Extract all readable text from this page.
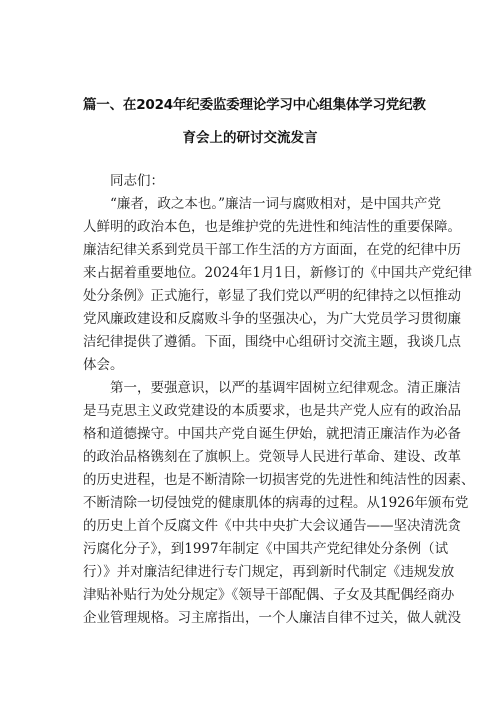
篇一、在2024年纪委监委理论学习中心组集体学习党纪教
育会上的研讨交流发言
同志们：
“廉者，政之本也。”廉洁一词与腐败相对，是中国共产党
人鲜明的政治本色，也是维护党的先进性和纯洁性的重要保障。
廉洁纪律关系到党员干部工作生活的方方面面，在党的纪律中历
来占据着重要地位。2024年1月1日，新修订的《中国共产党纪律
处分条例》正式施行，彰显了我们党以严明的纪律持之以恒推动
党风廉政建设和反腐败斗争的坚强决心，为广大党员学习贯彻廉
洁纪律提供了遵循。下面，围绕中心组研讨交流主题，我谈几点
体会。
第一，要强意识，以严的基调牢固树立纪律观念。清正廉洁
是马克思主义政党建设的本质要求，也是共产党人应有的政治品
格和道德操守。中国共产党自诞生伊始，就把清正廉洁作为必备
的政治品格镌刻在了旗帜上。党领导人民进行革命、建设、改革
的历史进程，也是不断清除一切损害党的先进性和纯洁性的因素、
不断清除一切侵蚀党的健康肌体的病毒的过程。从1926年颁布党
的历史上首个反腐文件《中共中央扩大会议通告——坚决清洗贪
污腐化分子》，到1997年制定《中国共产党纪律处分条例（试
行）》并对廉洁纪律进行专门规定，再到新时代制定《违规发放
津贴补贴行为处分规定》《领导干部配偶、子女及其配偶经商办
企业管理规格。习主席指出，一个人廉洁自律不过关，做人就没
